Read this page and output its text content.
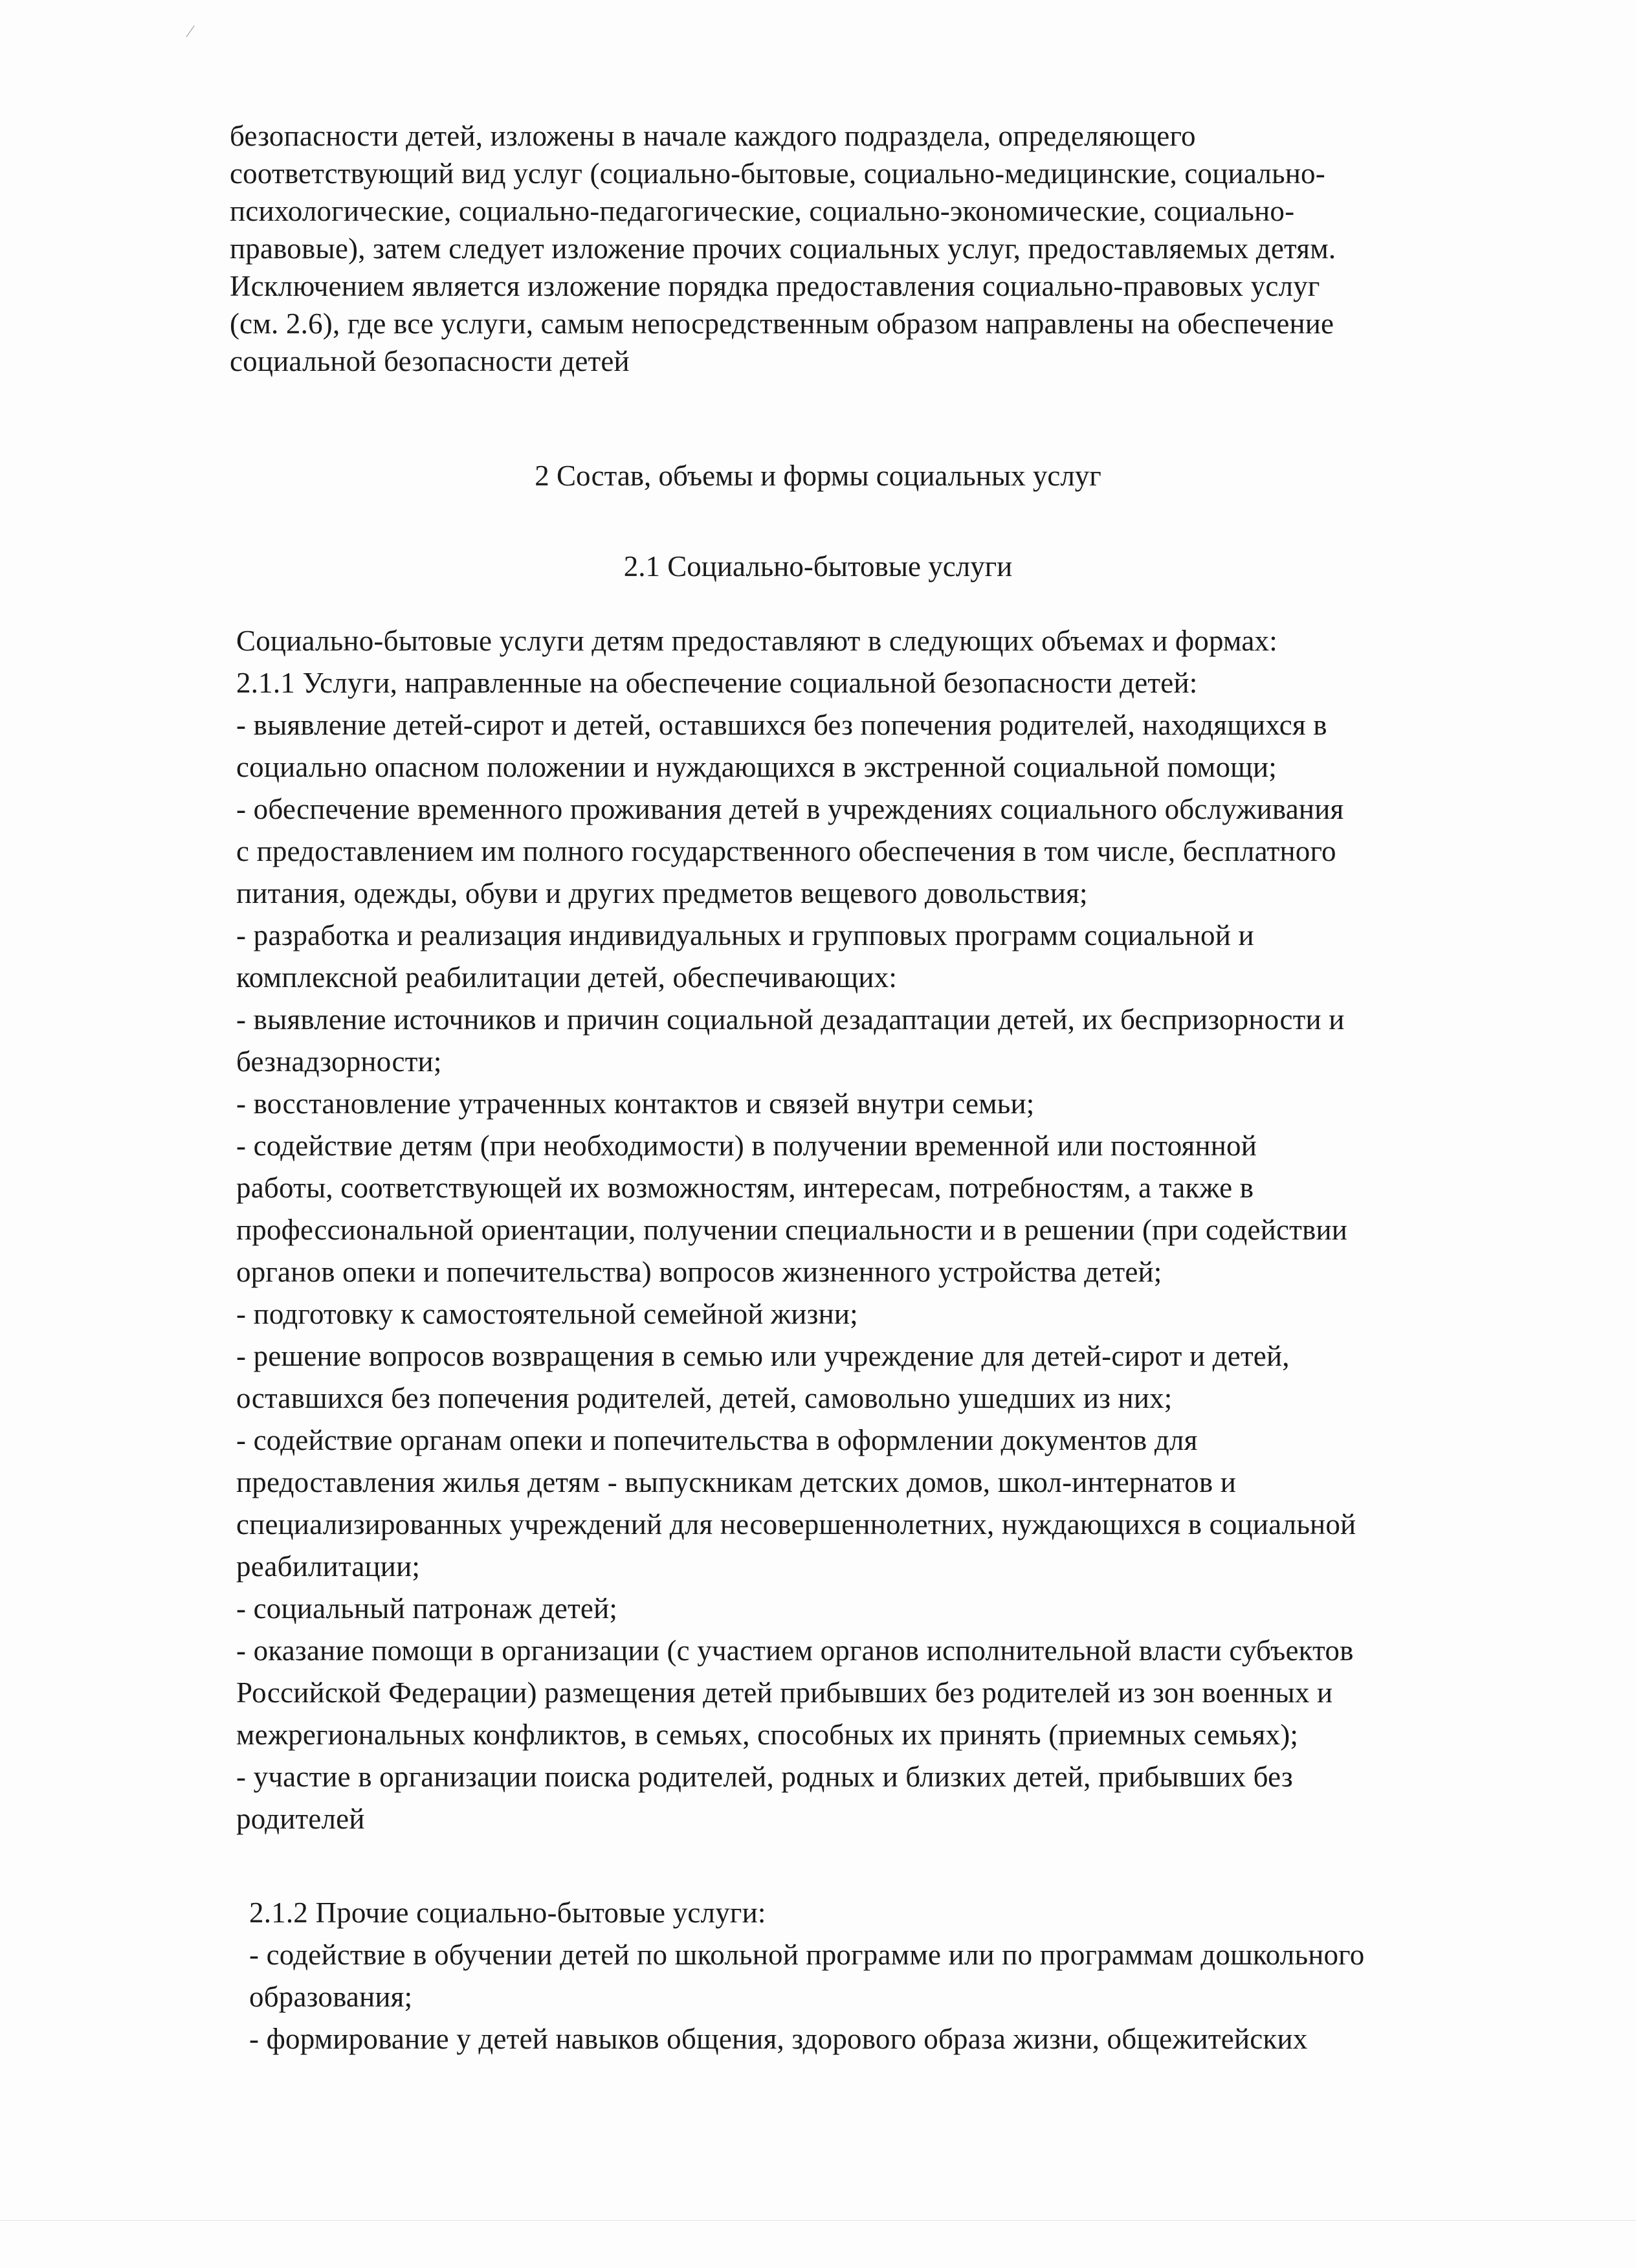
⁄
безопасности детей, изложены в начале каждого подраздела, определяющего
соответствующий вид услуг (социально-бытовые, социально-медицинские, социально-
психологические, социально-педагогические, социально-экономические, социально-
правовые), затем следует изложение прочих социальных услуг, предоставляемых детям.
Исключением является изложение порядка предоставления социально-правовых услуг
(см. 2.6), где все услуги, самым непосредственным образом направлены на обеспечение
социальной безопасности детей
2 Состав, объемы и формы социальных услуг
2.1 Социально-бытовые услуги
Социально-бытовые услуги детям предоставляют в следующих объемах и формах:
2.1.1 Услуги, направленные на обеспечение социальной безопасности детей:
- выявление детей-сирот и детей, оставшихся без попечения родителей, находящихся в
социально опасном положении и нуждающихся в экстренной социальной помощи;
- обеспечение временного проживания детей в учреждениях социального обслуживания
с предоставлением им полного государственного обеспечения в том числе, бесплатного
питания, одежды, обуви и других предметов вещевого довольствия;
- разработка и реализация индивидуальных и групповых программ социальной и
комплексной реабилитации детей, обеспечивающих:
- выявление источников и причин социальной дезадаптации детей, их беспризорности и
безнадзорности;
- восстановление утраченных контактов и связей внутри семьи;
- содействие детям (при необходимости) в получении временной или постоянной
работы, соответствующей их возможностям, интересам, потребностям, а также в
профессиональной ориентации, получении специальности и в решении (при содействии
органов опеки и попечительства) вопросов жизненного устройства детей;
- подготовку к самостоятельной семейной жизни;
- решение вопросов возвращения в семью или учреждение для детей-сирот и детей,
оставшихся без попечения родителей, детей, самовольно ушедших из них;
- содействие органам опеки и попечительства в оформлении документов для
предоставления жилья детям - выпускникам детских домов, школ-интернатов и
специализированных учреждений для несовершеннолетних, нуждающихся в социальной
реабилитации;
- социальный патронаж детей;
- оказание помощи в организации (с участием органов исполнительной власти субъектов
Российской Федерации) размещения детей прибывших без родителей из зон военных и
межрегиональных конфликтов, в семьях, способных их принять (приемных семьях);
- участие в организации поиска родителей, родных и близких детей, прибывших без
родителей
2.1.2 Прочие социально-бытовые услуги:
- содействие в обучении детей по школьной программе или по программам дошкольного
образования;
- формирование у детей навыков общения, здорового образа жизни, общежитейских
